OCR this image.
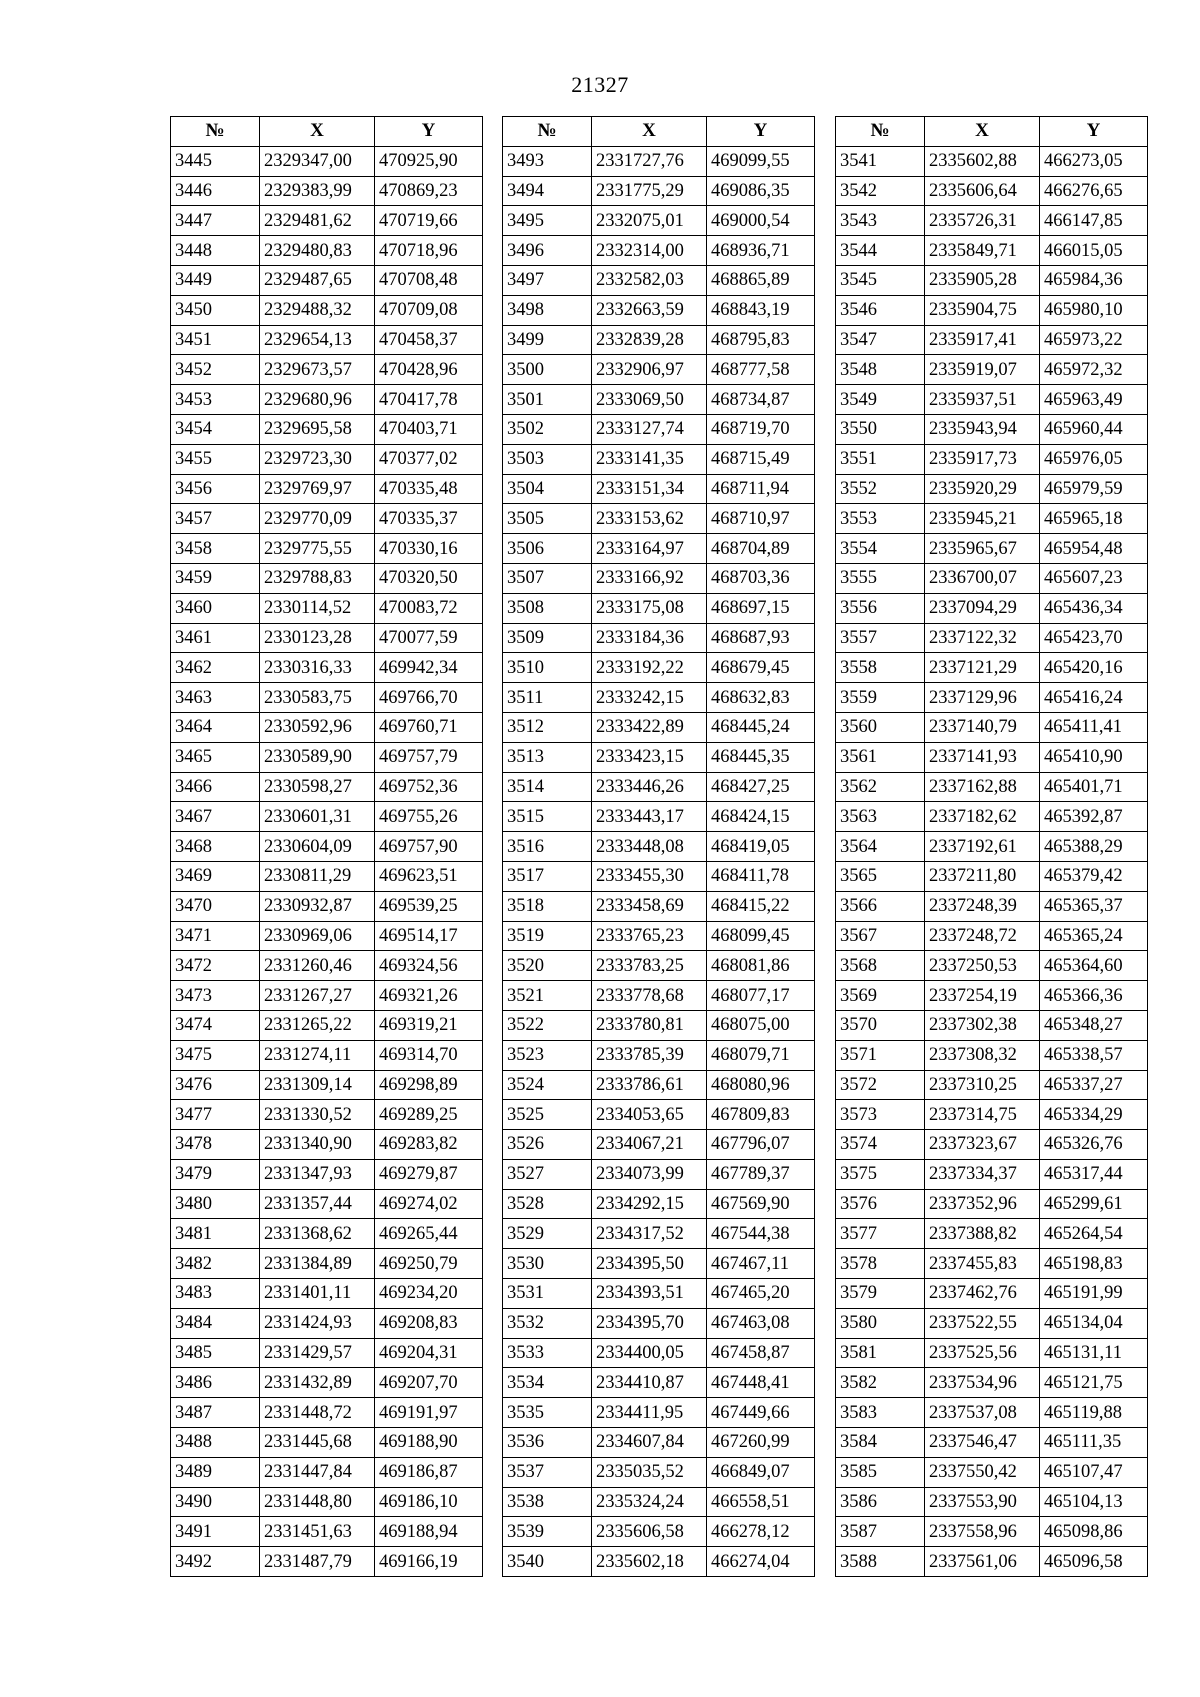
21327
№	X	Y
3445	2329347,00	470925,90
3446	2329383,99	470869,23
3447	2329481,62	470719,66
3448	2329480,83	470718,96
3449	2329487,65	470708,48
3450	2329488,32	470709,08
3451	2329654,13	470458,37
3452	2329673,57	470428,96
3453	2329680,96	470417,78
3454	2329695,58	470403,71
3455	2329723,30	470377,02
3456	2329769,97	470335,48
3457	2329770,09	470335,37
3458	2329775,55	470330,16
3459	2329788,83	470320,50
3460	2330114,52	470083,72
3461	2330123,28	470077,59
3462	2330316,33	469942,34
3463	2330583,75	469766,70
3464	2330592,96	469760,71
3465	2330589,90	469757,79
3466	2330598,27	469752,36
3467	2330601,31	469755,26
3468	2330604,09	469757,90
3469	2330811,29	469623,51
3470	2330932,87	469539,25
3471	2330969,06	469514,17
3472	2331260,46	469324,56
3473	2331267,27	469321,26
3474	2331265,22	469319,21
3475	2331274,11	469314,70
3476	2331309,14	469298,89
3477	2331330,52	469289,25
3478	2331340,90	469283,82
3479	2331347,93	469279,87
3480	2331357,44	469274,02
3481	2331368,62	469265,44
3482	2331384,89	469250,79
3483	2331401,11	469234,20
3484	2331424,93	469208,83
3485	2331429,57	469204,31
3486	2331432,89	469207,70
3487	2331448,72	469191,97
3488	2331445,68	469188,90
3489	2331447,84	469186,87
3490	2331448,80	469186,10
3491	2331451,63	469188,94
3492	2331487,79	469166,19
№	X	Y
3493	2331727,76	469099,55
3494	2331775,29	469086,35
3495	2332075,01	469000,54
3496	2332314,00	468936,71
3497	2332582,03	468865,89
3498	2332663,59	468843,19
3499	2332839,28	468795,83
3500	2332906,97	468777,58
3501	2333069,50	468734,87
3502	2333127,74	468719,70
3503	2333141,35	468715,49
3504	2333151,34	468711,94
3505	2333153,62	468710,97
3506	2333164,97	468704,89
3507	2333166,92	468703,36
3508	2333175,08	468697,15
3509	2333184,36	468687,93
3510	2333192,22	468679,45
3511	2333242,15	468632,83
3512	2333422,89	468445,24
3513	2333423,15	468445,35
3514	2333446,26	468427,25
3515	2333443,17	468424,15
3516	2333448,08	468419,05
3517	2333455,30	468411,78
3518	2333458,69	468415,22
3519	2333765,23	468099,45
3520	2333783,25	468081,86
3521	2333778,68	468077,17
3522	2333780,81	468075,00
3523	2333785,39	468079,71
3524	2333786,61	468080,96
3525	2334053,65	467809,83
3526	2334067,21	467796,07
3527	2334073,99	467789,37
3528	2334292,15	467569,90
3529	2334317,52	467544,38
3530	2334395,50	467467,11
3531	2334393,51	467465,20
3532	2334395,70	467463,08
3533	2334400,05	467458,87
3534	2334410,87	467448,41
3535	2334411,95	467449,66
3536	2334607,84	467260,99
3537	2335035,52	466849,07
3538	2335324,24	466558,51
3539	2335606,58	466278,12
3540	2335602,18	466274,04
№	X	Y
3541	2335602,88	466273,05
3542	2335606,64	466276,65
3543	2335726,31	466147,85
3544	2335849,71	466015,05
3545	2335905,28	465984,36
3546	2335904,75	465980,10
3547	2335917,41	465973,22
3548	2335919,07	465972,32
3549	2335937,51	465963,49
3550	2335943,94	465960,44
3551	2335917,73	465976,05
3552	2335920,29	465979,59
3553	2335945,21	465965,18
3554	2335965,67	465954,48
3555	2336700,07	465607,23
3556	2337094,29	465436,34
3557	2337122,32	465423,70
3558	2337121,29	465420,16
3559	2337129,96	465416,24
3560	2337140,79	465411,41
3561	2337141,93	465410,90
3562	2337162,88	465401,71
3563	2337182,62	465392,87
3564	2337192,61	465388,29
3565	2337211,80	465379,42
3566	2337248,39	465365,37
3567	2337248,72	465365,24
3568	2337250,53	465364,60
3569	2337254,19	465366,36
3570	2337302,38	465348,27
3571	2337308,32	465338,57
3572	2337310,25	465337,27
3573	2337314,75	465334,29
3574	2337323,67	465326,76
3575	2337334,37	465317,44
3576	2337352,96	465299,61
3577	2337388,82	465264,54
3578	2337455,83	465198,83
3579	2337462,76	465191,99
3580	2337522,55	465134,04
3581	2337525,56	465131,11
3582	2337534,96	465121,75
3583	2337537,08	465119,88
3584	2337546,47	465111,35
3585	2337550,42	465107,47
3586	2337553,90	465104,13
3587	2337558,96	465098,86
3588	2337561,06	465096,58
